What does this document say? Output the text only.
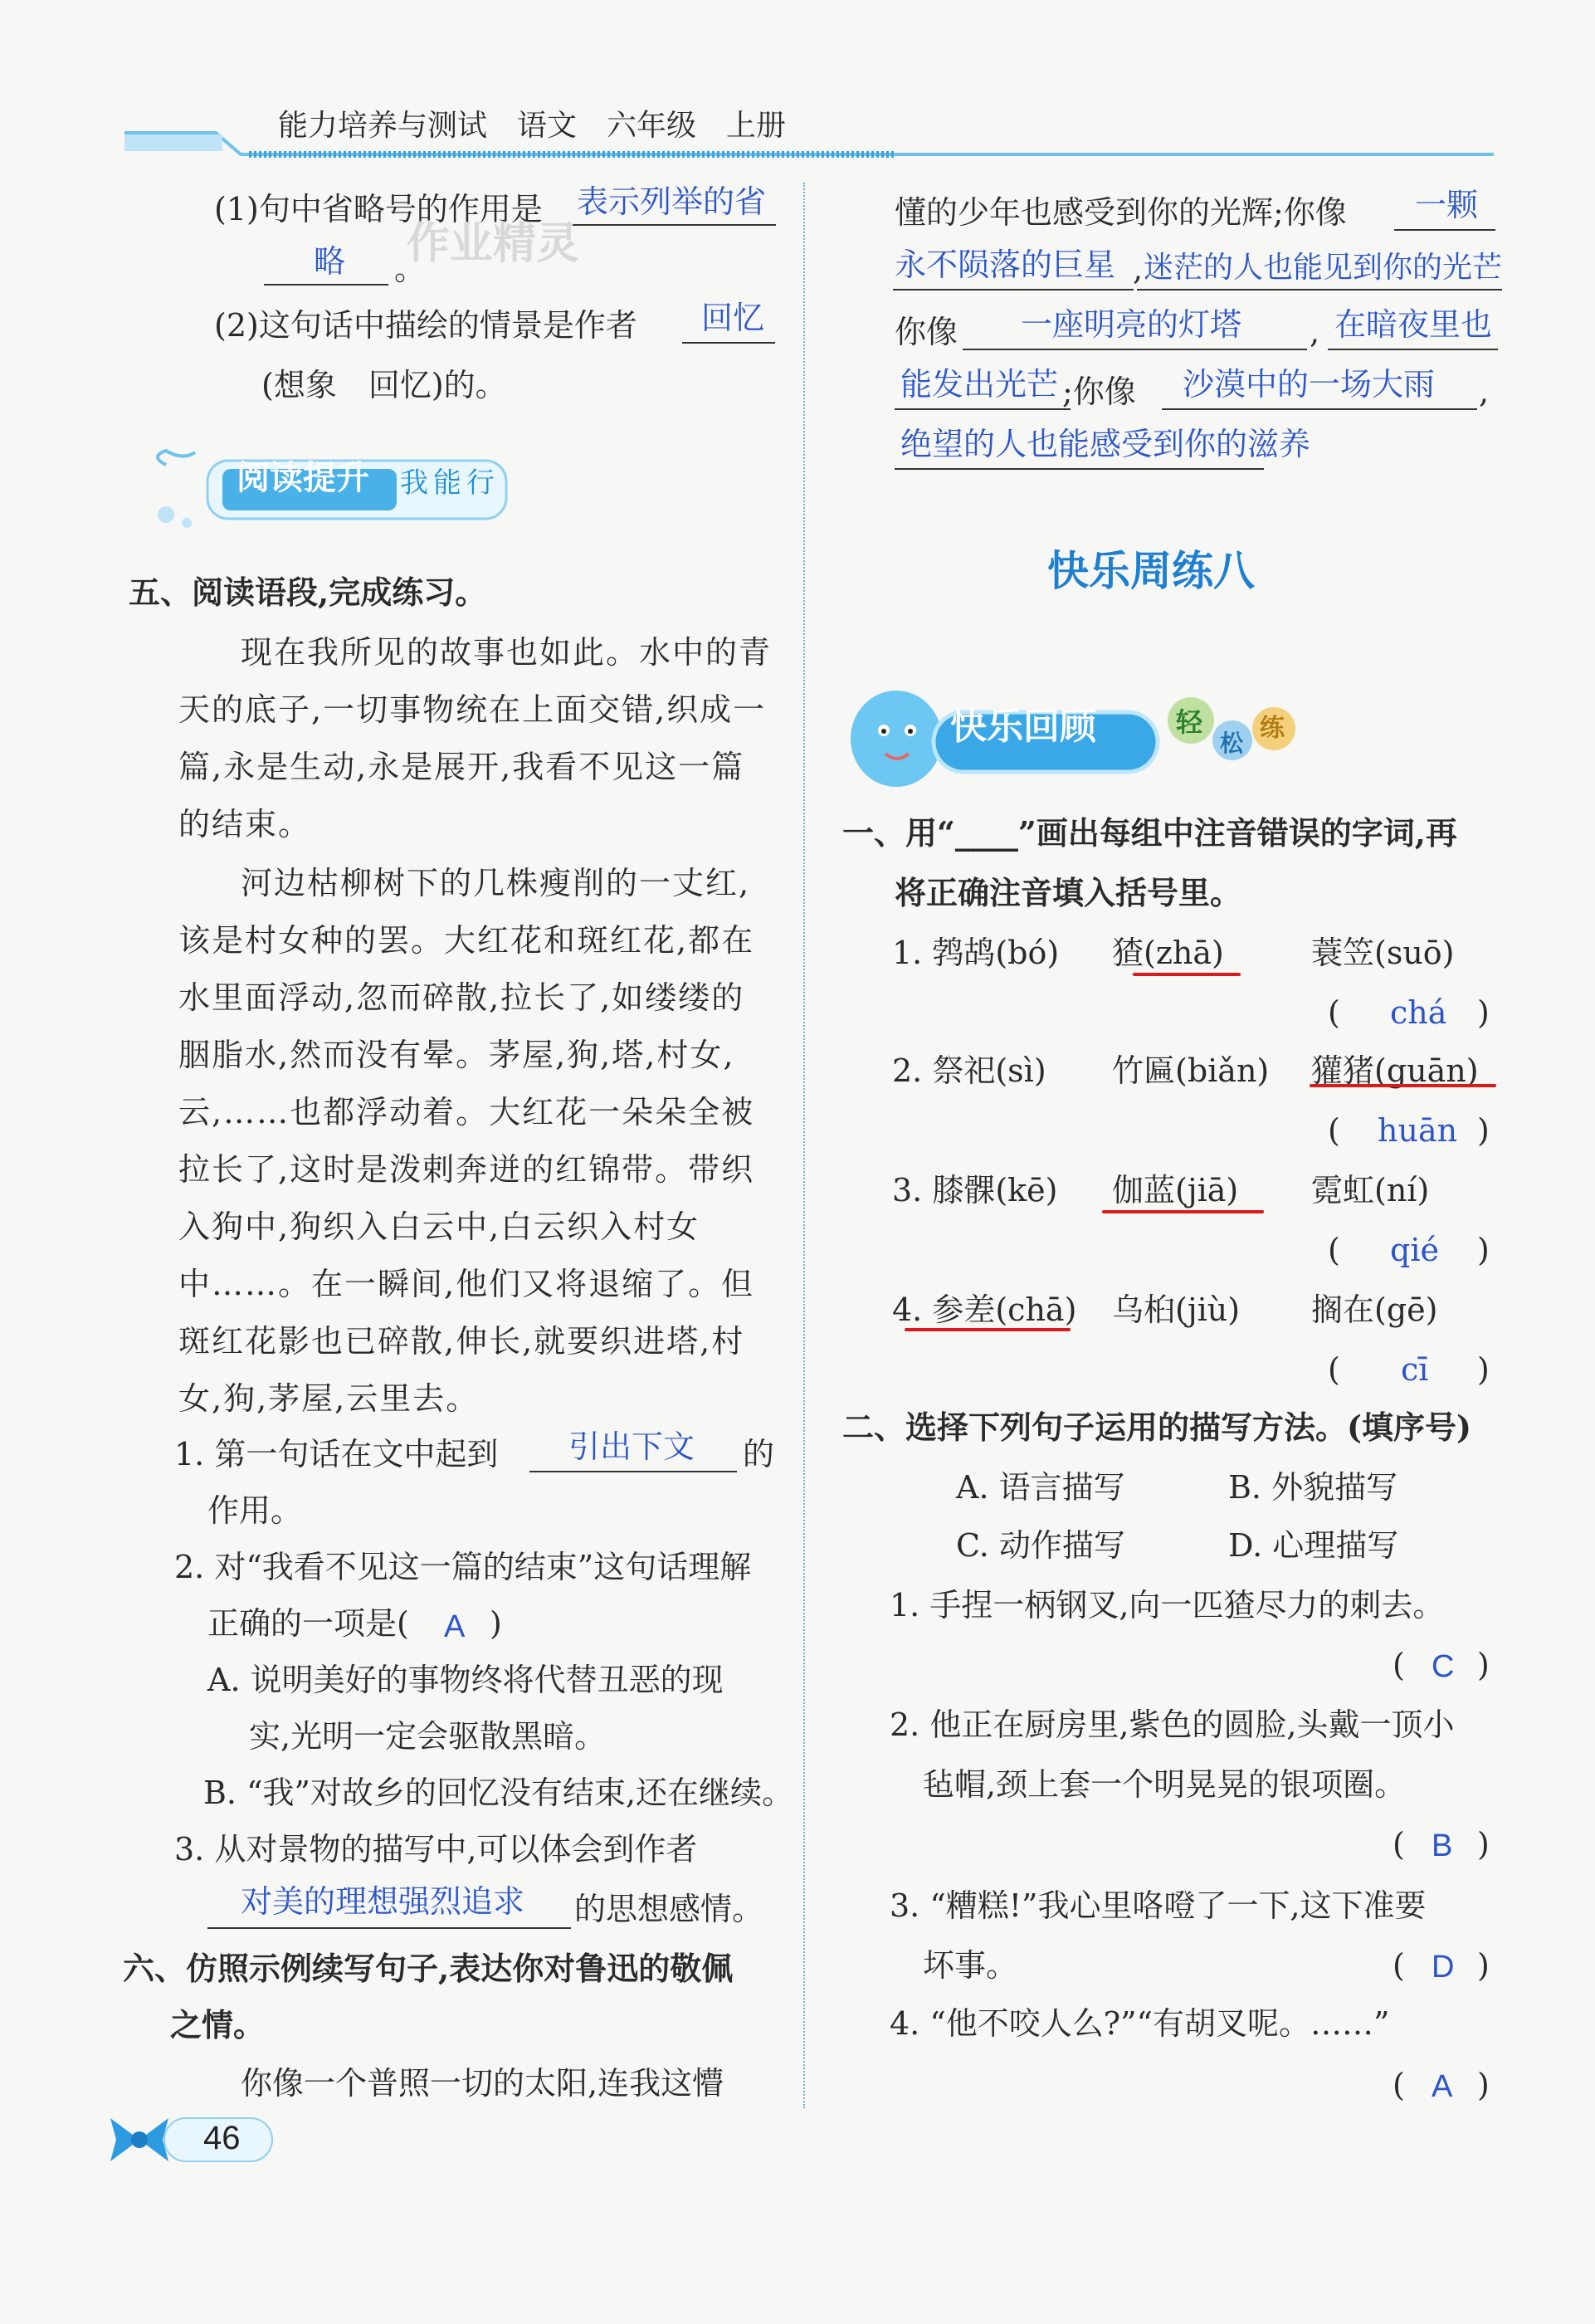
能力培养与测试　语文　六年级　上册
(1)句中省略号的作用是 表示列举的省
略 。
作业精灵
(2)这句话中描绘的情景是作者 回忆
(想象　回忆)的。
阅读提升 我能行
五、阅读语段,完成练习。
现在我所见的故事也如此。水中的青
天的底子,一切事物统在上面交错,织成一
篇,永是生动,永是展开,我看不见这一篇
的结束。
河边枯柳树下的几株瘦削的一丈红,
该是村女种的罢。大红花和斑红花,都在
水里面浮动,忽而碎散,拉长了,如缕缕的
胭脂水,然而没有晕。茅屋,狗,塔,村女,
云,……也都浮动着。大红花一朵朵全被
拉长了,这时是泼剌奔迸的红锦带。带织
入狗中,狗织入白云中,白云织入村女
中……。在一瞬间,他们又将退缩了。但
斑红花影也已碎散,伸长,就要织进塔,村
女,狗,茅屋,云里去。
1. 第一句话在文中起到 引出下文 的
作用。
2. 对“我看不见这一篇的结束”这句话理解
正确的一项是( A )
A. 说明美好的事物终将代替丑恶的现
实,光明一定会驱散黑暗。
B. “我”对故乡的回忆没有结束,还在继续。
3. 从对景物的描写中,可以体会到作者
对美的理想强烈追求 的思想感情。
六、仿照示例续写句子,表达你对鲁迅的敬佩
之情。
你像一个普照一切的太阳,连我这懵
46
懂的少年也感受到你的光辉;你像 一颗
永不陨落的巨星 , 迷茫的人也能见到你的光芒
你像 一座明亮的灯塔 , 在暗夜里也
能发出光芒 ;你像 沙漠中的一场大雨 ,
绝望的人也能感受到你的滋养
快乐周练八
快乐回顾	轻
松
练
一、用“____”画出每组中注音错误的字词,再
将正确注音填入括号里。
1. 鹁鸪(bó) 猹(zhā)	蓑笠(suō)
( chá )
2. 祭祀(sì) 竹匾(biǎn) 獾猪(guān)
( huān )
3. 膝髁(kē) 伽蓝(jiā) 霓虹(ní)
( qié )
4. 参差(chā) 乌桕(jiù) 搁在(gē)
( cī )
二、选择下列句子运用的描写方法。(填序号)
A. 语言描写	B. 外貌描写
C. 动作描写	D. 心理描写
1. 手捏一柄钢叉,向一匹猹尽力的刺去。
( C )
2. 他正在厨房里,紫色的圆脸,头戴一顶小
毡帽,颈上套一个明晃晃的银项圈。
( B )
3. “糟糕!”我心里咯噔了一下,这下准要
坏事。	( D )
4. “他不咬人么?”“有胡叉呢。……”
( A )
